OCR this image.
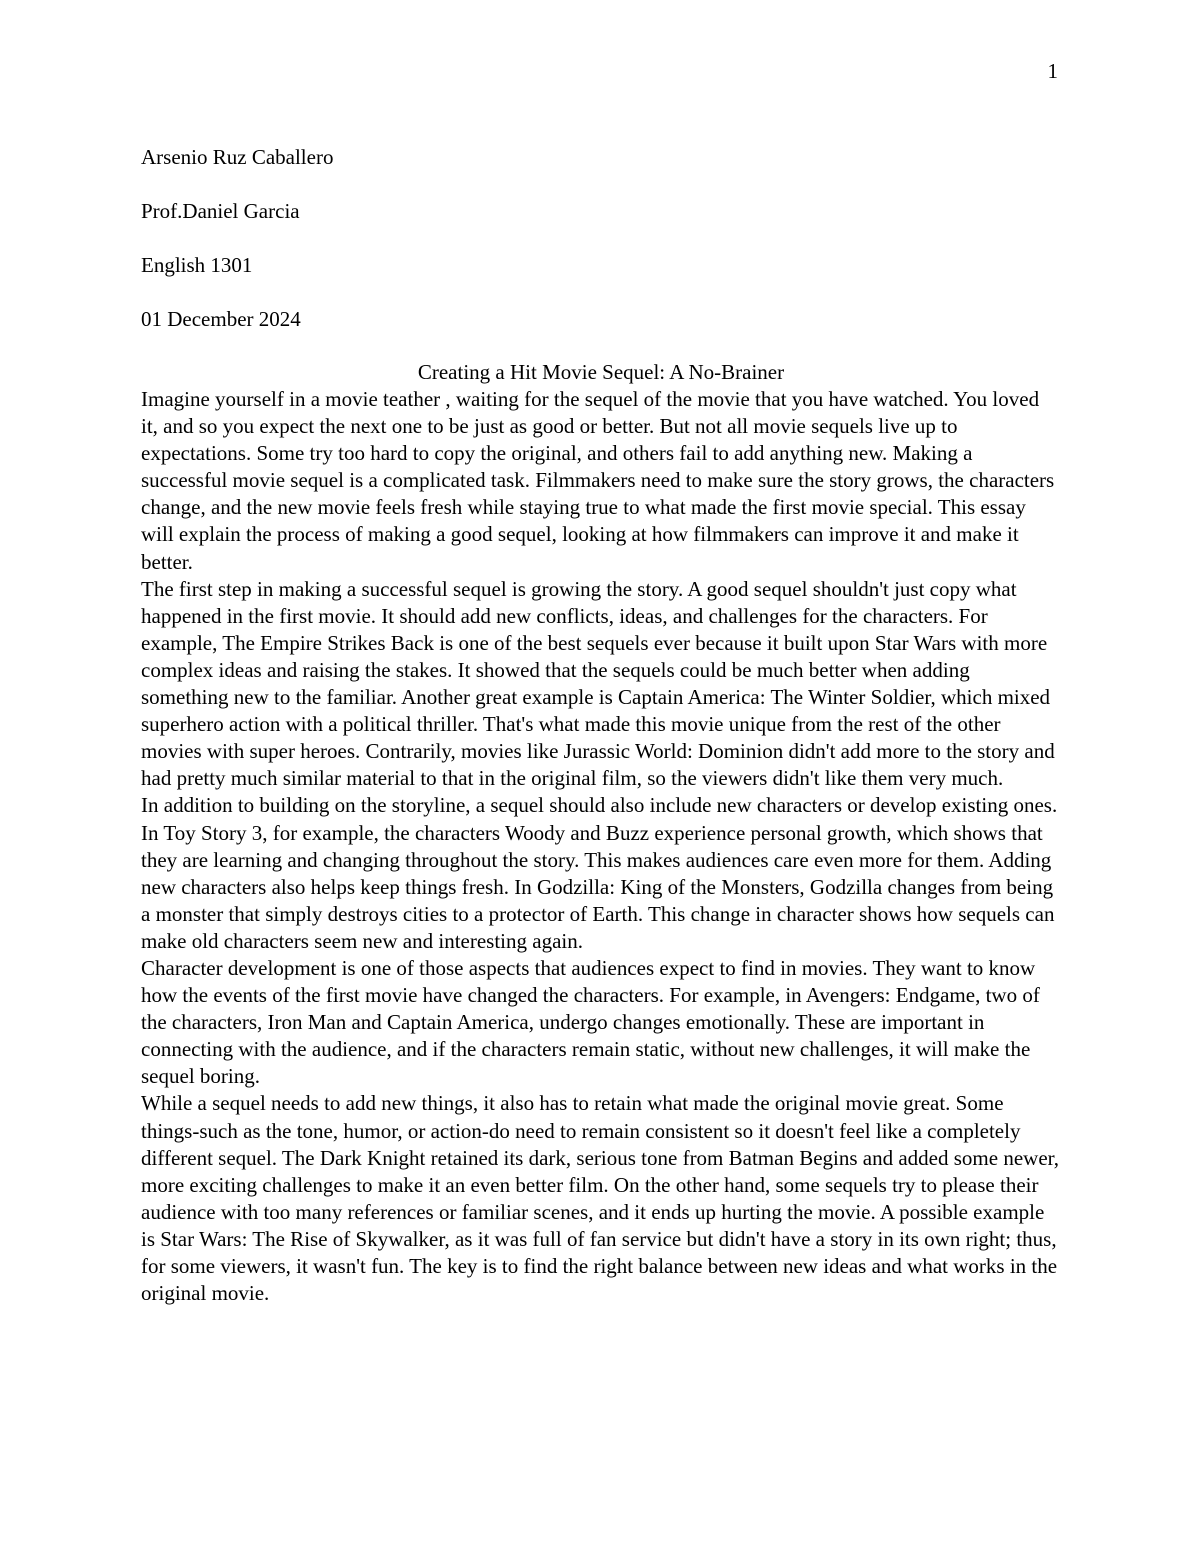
1

Arsenio Ruz Caballero

Prof.Daniel Garcia

English 1301

01 December 2024

Creating a Hit Movie Sequel: A No-Brainer

Imagine yourself in a movie teather , waiting for the sequel of the movie that you have watched. You loved it, and so you expect the next one to be just as good or better. But not all movie sequels live up to expectations. Some try too hard to copy the original, and others fail to add anything new. Making a successful movie sequel is a complicated task. Filmmakers need to make sure the story grows, the characters change, and the new movie feels fresh while staying true to what made the first movie special. This essay will explain the process of making a good sequel, looking at how filmmakers can improve it and make it better.

The first step in making a successful sequel is growing the story. A good sequel shouldn't just copy what happened in the first movie. It should add new conflicts, ideas, and challenges for the characters. For example, The Empire Strikes Back is one of the best sequels ever because it built upon Star Wars with more complex ideas and raising the stakes. It showed that the sequels could be much better when adding something new to the familiar. Another great example is Captain America: The Winter Soldier, which mixed superhero action with a political thriller. That's what made this movie unique from the rest of the other movies with super heroes. Contrarily, movies like Jurassic World: Dominion didn't add more to the story and had pretty much similar material to that in the original film, so the viewers didn't like them very much.

In addition to building on the storyline, a sequel should also include new characters or develop existing ones. In Toy Story 3, for example, the characters Woody and Buzz experience personal growth, which shows that they are learning and changing throughout the story. This makes audiences care even more for them. Adding new characters also helps keep things fresh. In Godzilla: King of the Monsters, Godzilla changes from being a monster that simply destroys cities to a protector of Earth. This change in character shows how sequels can make old characters seem new and interesting again.

Character development is one of those aspects that audiences expect to find in movies. They want to know how the events of the first movie have changed the characters. For example, in Avengers: Endgame, two of the characters, Iron Man and Captain America, undergo changes emotionally. These are important in connecting with the audience, and if the characters remain static, without new challenges, it will make the sequel boring.

While a sequel needs to add new things, it also has to retain what made the original movie great. Some things-such as the tone, humor, or action-do need to remain consistent so it doesn't feel like a completely different sequel. The Dark Knight retained its dark, serious tone from Batman Begins and added some newer, more exciting challenges to make it an even better film. On the other hand, some sequels try to please their audience with too many references or familiar scenes, and it ends up hurting the movie. A possible example is Star Wars: The Rise of Skywalker, as it was full of fan service but didn't have a story in its own right; thus, for some viewers, it wasn't fun. The key is to find the right balance between new ideas and what works in the original movie.
